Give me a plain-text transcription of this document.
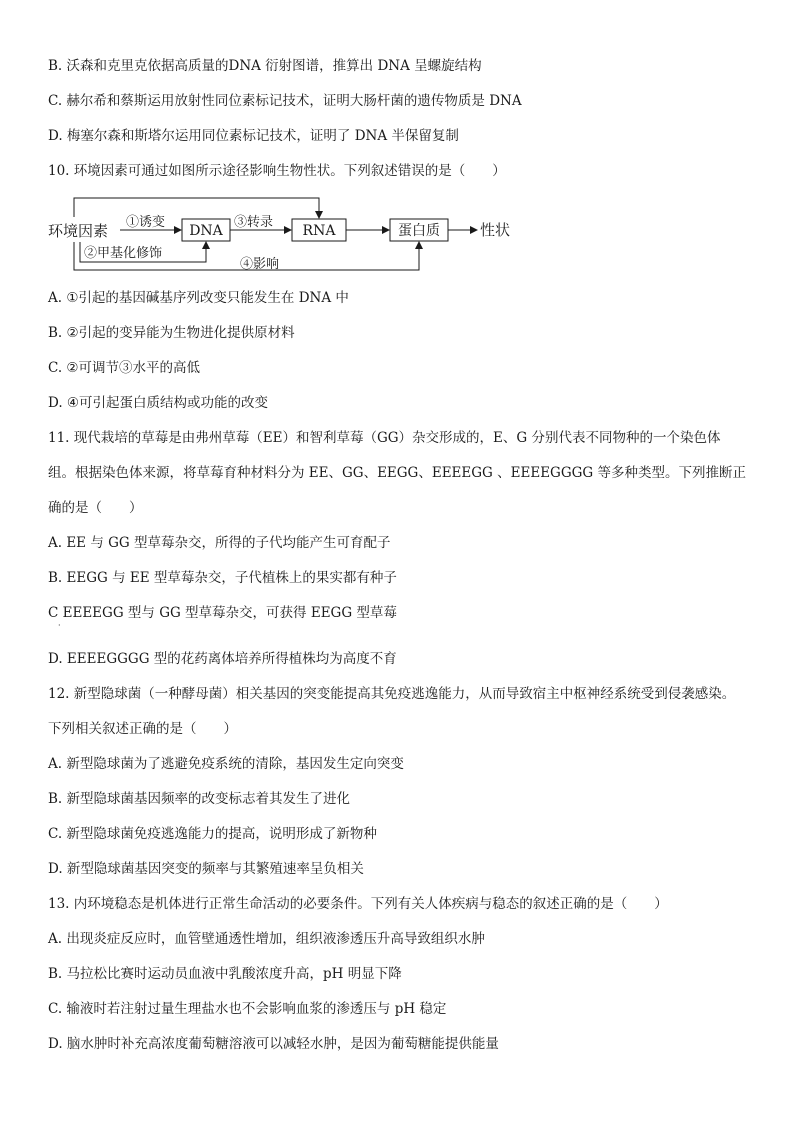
B. 沃森和克里克依据高质量的DNA 衍射图谱，推算出 DNA 呈螺旋结构
C. 赫尔希和蔡斯运用放射性同位素标记技术，证明大肠杆菌的遗传物质是 DNA
D. 梅塞尔森和斯塔尔运用同位素标记技术，证明了 DNA 半保留复制
10. 环境因素可通过如图所示途径影响生物性状。下列叙述错误的是（　　）
环境因素	DNA	RNA	蛋白质	性状
①诱变	③转录
②甲基化修饰
④影响
A. ①引起的基因碱基序列改变只能发生在 DNA 中
B. ②引起的变异能为生物进化提供原材料
C. ②可调节③水平的高低
D. ④可引起蛋白质结构或功能的改变
11. 现代栽培的草莓是由弗州草莓（EE）和智利草莓（GG）杂交形成的，E、G 分别代表不同物种的一个染色体
组。根据染色体来源，将草莓育种材料分为 EE、GG、EEGG、EEEEGG 、EEEEGGGG 等多种类型。下列推断正
确的是（　　）
A. EE 与 GG 型草莓杂交，所得的子代均能产生可育配子
B. EEGG 与 EE 型草莓杂交，子代植株上的果实都有种子
C EEEEGG 型与 GG 型草莓杂交，可获得 EEGG 型草莓
·
D. EEEEGGGG 型的花药离体培养所得植株均为高度不育
12. 新型隐球菌（一种酵母菌）相关基因的突变能提高其免疫逃逸能力，从而导致宿主中枢神经系统受到侵袭感染。
下列相关叙述正确的是（　　）
A. 新型隐球菌为了逃避免疫系统的清除，基因发生定向突变
B. 新型隐球菌基因频率的改变标志着其发生了进化
C. 新型隐球菌免疫逃逸能力的提高，说明形成了新物种
D. 新型隐球菌基因突变的频率与其繁殖速率呈负相关
13. 内环境稳态是机体进行正常生命活动的必要条件。下列有关人体疾病与稳态的叙述正确的是（　　）
A. 出现炎症反应时，血管壁通透性增加，组织液渗透压升高导致组织水肿
B. 马拉松比赛时运动员血液中乳酸浓度升高，pH 明显下降
C. 输液时若注射过量生理盐水也不会影响血浆的渗透压与 pH 稳定
D. 脑水肿时补充高浓度葡萄糖溶液可以减轻水肿，是因为葡萄糖能提供能量
